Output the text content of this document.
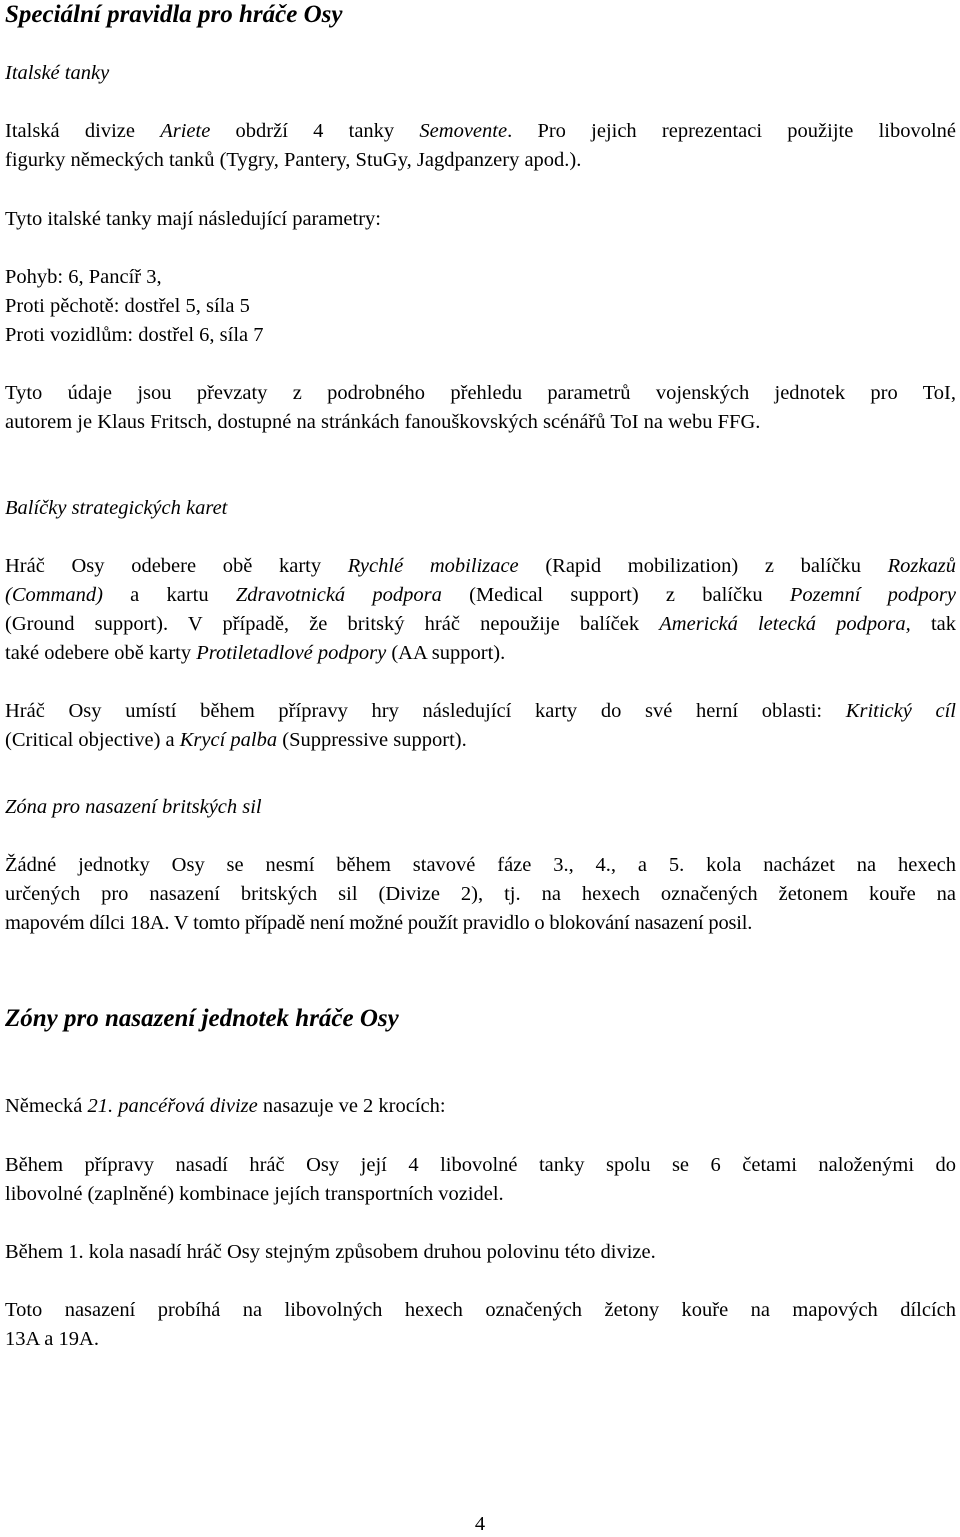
Speciální pravidla pro hráče Osy
Italské tanky
Italská divize Ariete obdrží 4 tanky Semovente. Pro jejich reprezentaci použijte libovolné
figurky německých tanků (Tygry, Pantery, StuGy, Jagdpanzery apod.).
Tyto italské tanky mají následující parametry:
Pohyb: 6, Pancíř 3,
Proti pěchotě: dostřel 5, síla 5
Proti vozidlům: dostřel 6, síla 7
Tyto údaje jsou převzaty z podrobného přehledu parametrů vojenských jednotek pro ToI,
autorem je Klaus Fritsch, dostupné na stránkách fanouškovských scénářů ToI na webu FFG.
Balíčky strategických karet
Hráč Osy odebere obě karty Rychlé mobilizace (Rapid mobilization) z balíčku Rozkazů
(Command) a kartu Zdravotnická podpora (Medical support) z balíčku Pozemní podpory
(Ground support). V případě, že britský hráč nepoužije balíček Americká letecká podpora, tak
také odebere obě karty Protiletadlové podpory (AA support).
Hráč Osy umístí během přípravy hry následující karty do své herní oblasti: Kritický cíl
(Critical objective) a Krycí palba (Suppressive support).
Zóna pro nasazení britských sil
Žádné jednotky Osy se nesmí během stavové fáze 3., 4., a 5. kola nacházet na hexech
určených pro nasazení britských sil (Divize 2), tj. na hexech označených žetonem kouře na
mapovém dílci 18A. V tomto případě není možné použít pravidlo o blokování nasazení posil.
Zóny pro nasazení jednotek hráče Osy
Německá 21. pancéřová divize nasazuje ve 2 krocích:
Během přípravy nasadí hráč Osy její 4 libovolné tanky spolu se 6 četami naloženými do
libovolné (zaplněné) kombinace jejích transportních vozidel.
Během 1. kola nasadí hráč Osy stejným způsobem druhou polovinu této divize.
Toto nasazení probíhá na libovolných hexech označených žetony kouře na mapových dílcích
13A a 19A.
4
